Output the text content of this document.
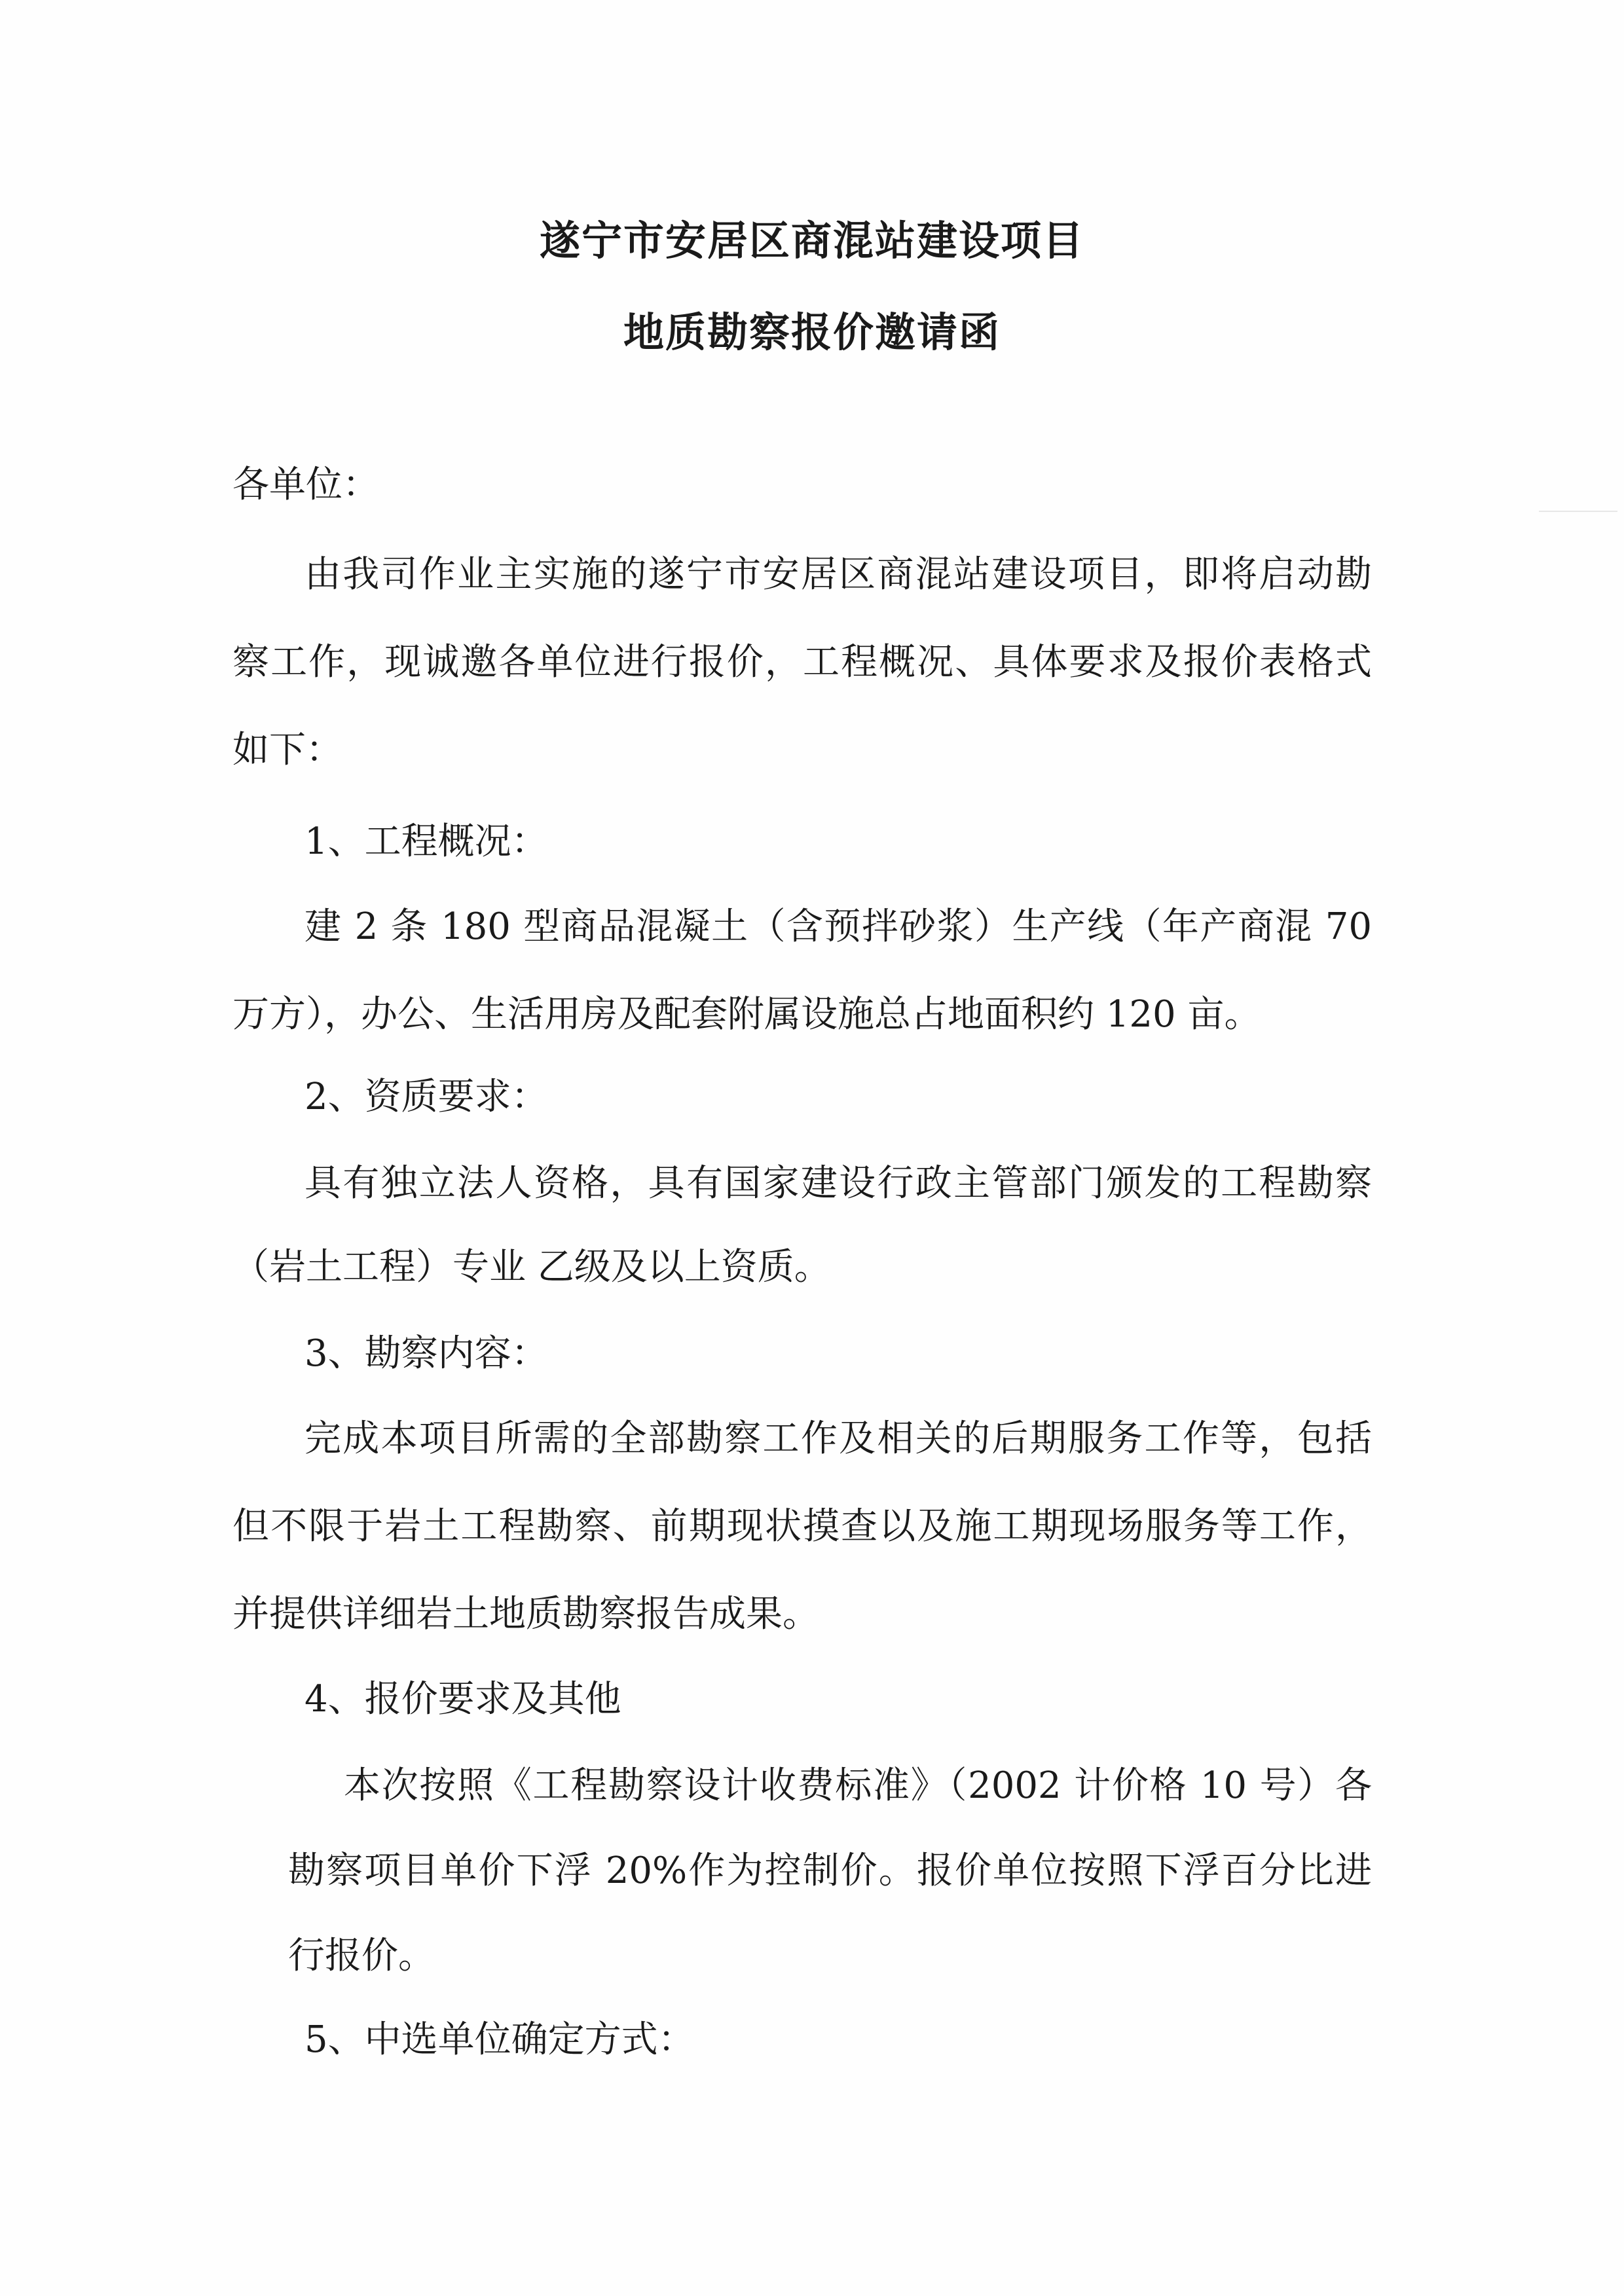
遂宁市安居区商混站建设项目
地质勘察报价邀请函
各单位：
由我司作业主实施的遂宁市安居区商混站建设项目，即将启动勘
察工作，现诚邀各单位进行报价，工程概况、具体要求及报价表格式
如下：
1、工程概况：
建 2 条 180 型商品混凝土（含预拌砂浆）生产线（年产商混 70
万方），办公、生活用房及配套附属设施总占地面积约 120 亩。
2、资质要求：
具有独立法人资格，具有国家建设行政主管部门颁发的工程勘察
（岩土工程）专业 乙级及以上资质。
3、勘察内容：
完成本项目所需的全部勘察工作及相关的后期服务工作等，包括
但不限于岩土工程勘察、前期现状摸查以及施工期现场服务等工作，
并提供详细岩土地质勘察报告成果。
4、报价要求及其他
本次按照《工程勘察设计收费标准》（2002 计价格 10 号）各
勘察项目单价下浮 20%作为控制价。报价单位按照下浮百分比进
行报价。
5、中选单位确定方式：
